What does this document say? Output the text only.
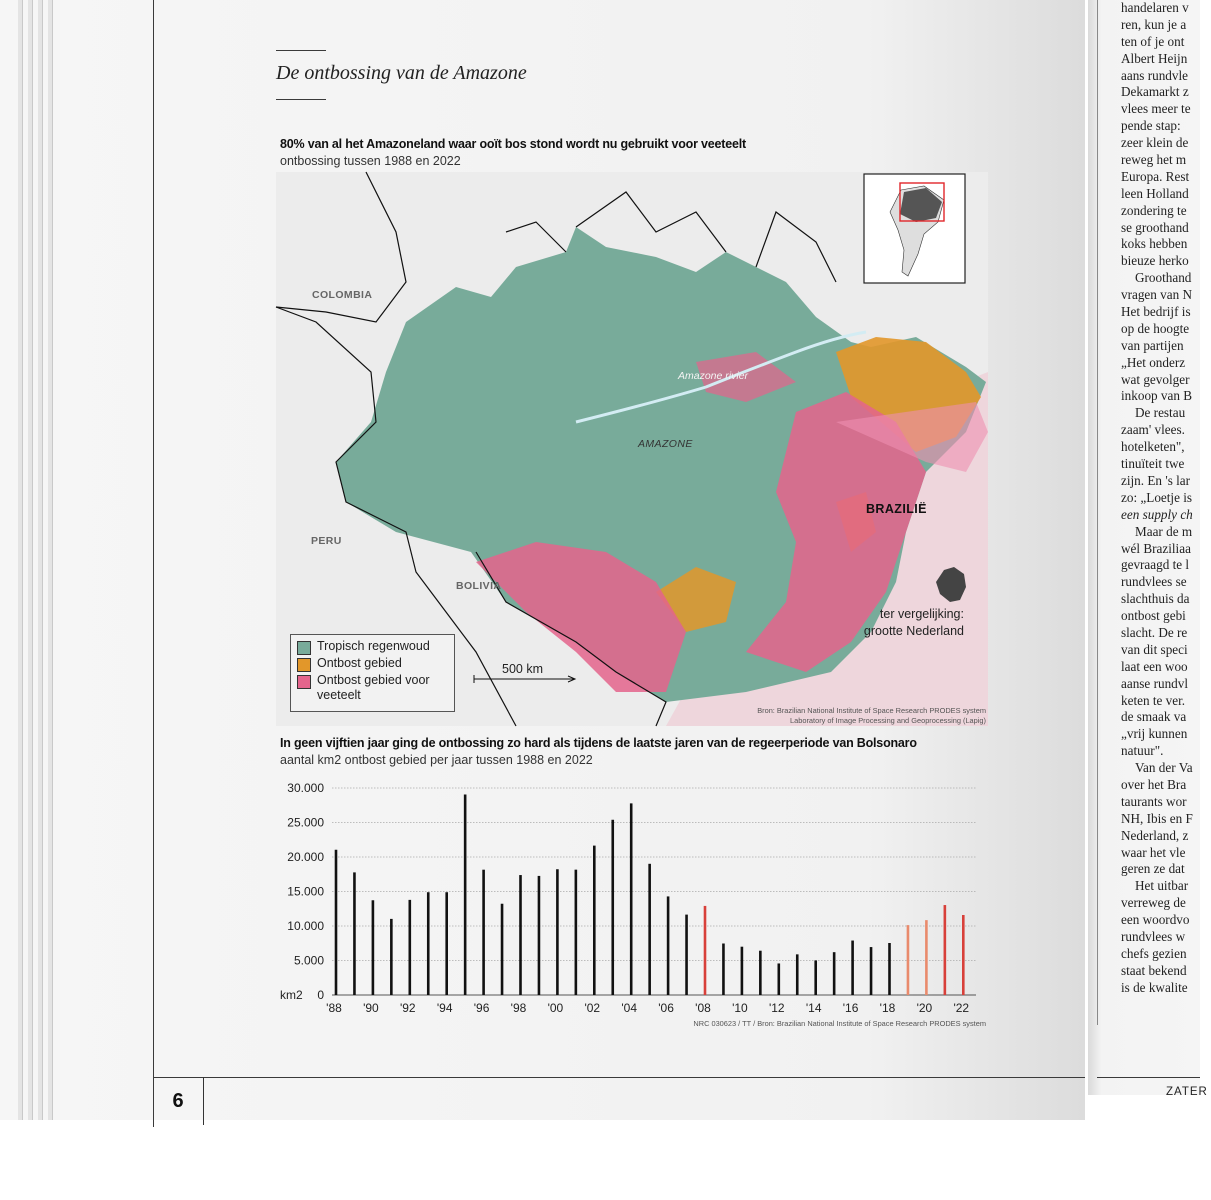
6	ZATER
De ontbossing van de Amazone
80% van al het Amazoneland waar ooït bos stond wordt nu gebruikt voor veeteelt
ontbossing tussen 1988 en 2022
COLOMBIA
PERU
BOLIVIA
BRAZILIË
AMAZONE
Amazone rivier
ter vergelijking:
grootte Nederland
500 km
Tropisch regenwoud
Ontbost gebied
Ontbost gebied voor veeteelt
Bron: Brazilian National Institute of Space Research PRODES system
Laboratory of Image Processing and Geoprocessing (Lapig)
In geen vijftien jaar ging de ontbossing zo hard als tijdens de laatste jaren van de regeerperiode van Bolsonaro
aantal km2 ontbost gebied per jaar tussen 1988 en 2022
30.000
25.000
20.000
15.000
10.000
5.000
0
km2
'88 '90 '92 '94 '96 '98 '00 '02 '04 '06 '08 '10 '12 '14 '16 '18 '20 '22
NRC 030623 / TT / Bron: Brazilian National Institute of Space Research PRODES system
handelaren v
ren, kun je a
ten of je ont
Albert Heijn
aans rundvle
Dekamarkt z
vlees meer te
pende stap:
zeer klein de
reweg het m
Europa. Rest
leen Holland
zondering te
se groothand
koks hebben
bieuze herko
Groothand
vragen van N
Het bedrijf is
op de hoogte
van partijen
„Het onderz
wat gevolger
inkoop van B
De restau
zaam' vlees.
hotelketen",
tinuïteit twe
zijn. En 's lar
zo: „Loetje is
een supply ch
Maar de m
wél Braziliaa
gevraagd te l
rundvlees se
slachthuis da
ontbost gebi
slacht. De re
van dit speci
laat een woo
aanse rundvl
keten te ver.
de smaak va
„vrij kunnen
natuur".
Van der Va
over het Bra
taurants wor
NH, Ibis en F
Nederland, z
waar het vle
geren ze dat
Het uitbar
verreweg de
een woordvo
rundvlees w
chefs gezien
staat bekend
is de kwalite
